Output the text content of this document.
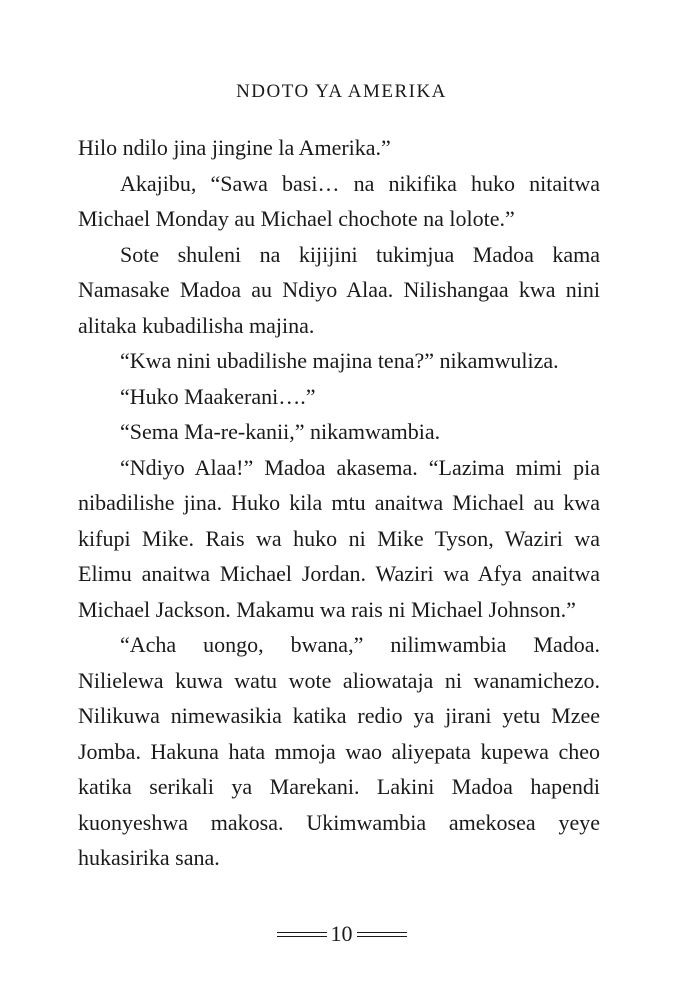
NDOTO YA AMERIKA

Hilo ndilo jina jingine la Amerika.”

Akajibu, “Sawa basi… na nikifika huko nitaitwa Michael Monday au Michael chochote na lolote.”

Sote shuleni na kijijini tukimjua Madoa kama Namasake Madoa au Ndiyo Alaa. Nilishangaa kwa nini alitaka kubadilisha majina.

“Kwa nini ubadilishe majina tena?” nikamwuliza.

“Huko Maakerani….”

“Sema Ma-re-kanii,” nikamwambia.

“Ndiyo Alaa!” Madoa akasema. “Lazima mimi pia nibadilishe jina. Huko kila mtu anaitwa Michael au kwa kifupi Mike. Rais wa huko ni Mike Tyson, Waziri wa Elimu anaitwa Michael Jordan. Waziri wa Afya anaitwa Michael Jackson. Makamu wa rais ni Michael Johnson.”

“Acha uongo, bwana,” nilimwambia Madoa. Nilielewa kuwa watu wote aliowataja ni wanamichezo. Nilikuwa nimewasikia katika redio ya jirani yetu Mzee Jomba. Hakuna hata mmoja wao aliyepata kupewa cheo katika serikali ya Marekani. Lakini Madoa hapendi kuonyeshwa makosa. Ukimwambia amekosea yeye hukasirika sana.

10
